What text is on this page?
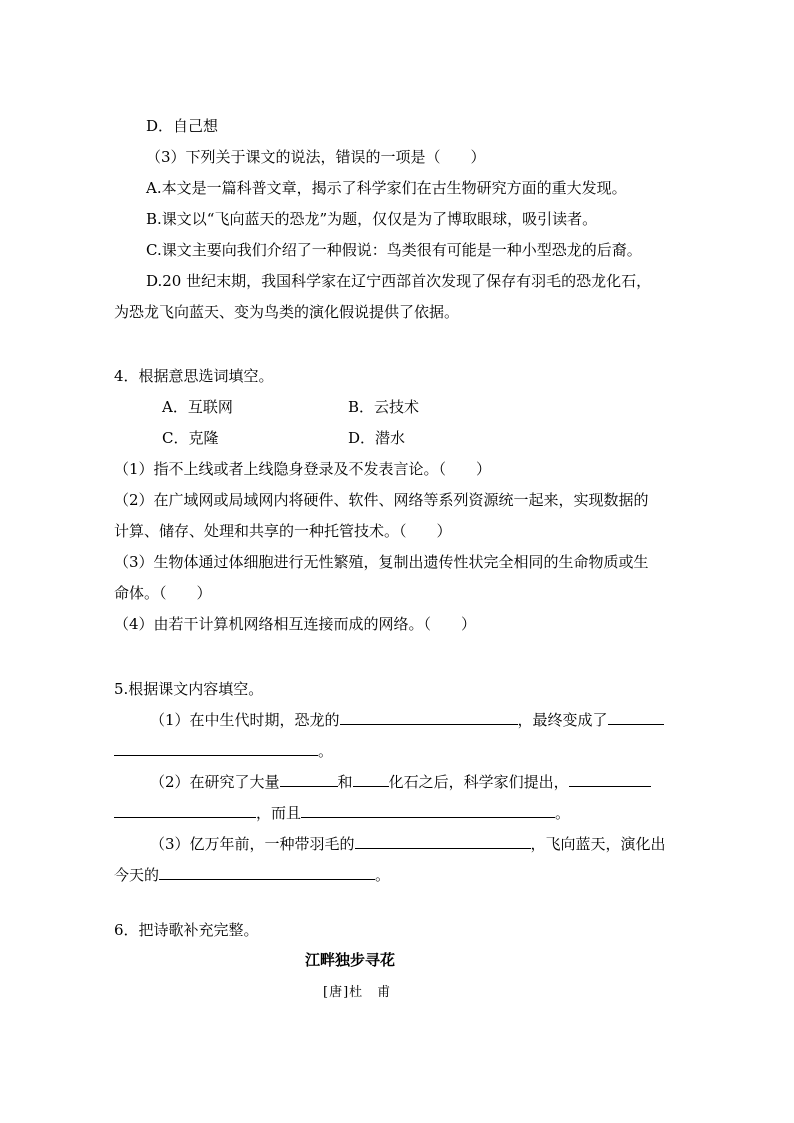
D．自己想
（3）下列关于课文的说法，错误的一项是（　　）
A.本文是一篇科普文章，揭示了科学家们在古生物研究方面的重大发现。
B.课文以“飞向蓝天的恐龙”为题，仅仅是为了博取眼球，吸引读者。
C.课文主要向我们介绍了一种假说：鸟类很有可能是一种小型恐龙的后裔。
D.20 世纪末期，我国科学家在辽宁西部首次发现了保存有羽毛的恐龙化石，
为恐龙飞向蓝天、变为鸟类的演化假说提供了依据。
4．根据意思选词填空。
A．互联网	B．云技术
C．克隆	D．潜水
（1）指不上线或者上线隐身登录及不发表言论。（　　）
（2）在广域网或局域网内将硬件、软件、网络等系列资源统一起来，实现数据的
计算、储存、处理和共享的一种托管技术。（　　）
（3）生物体通过体细胞进行无性繁殖，复制出遗传性状完全相同的生命物质或生
命体。（　　）
（4）由若干计算机网络相互连接而成的网络。（　　）
5.根据课文内容填空。
（1）在中生代时期，恐龙的	，最终变成了
。
（2）在研究了大量	和 化石之后，科学家们提出，
，而且	。
（3）亿万年前，一种带羽毛的	，飞向蓝天，演化出
今天的	。
6．把诗歌补充完整。
江畔独步寻花
[唐]杜　甫
